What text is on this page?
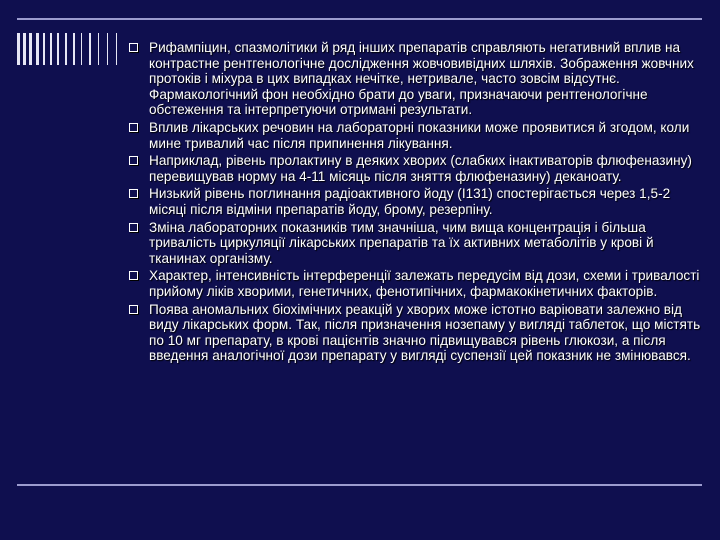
Рифампіцин, спазмолітики й ряд інших препаратів справляють негативний вплив на контрастне рентгенологічне дослідження жовчовивідних шляхів. Зображення жовчних протоків і міхура в цих випадках нечітке, нетривале, часто зовсім відсутнє. Фармакологічний фон необхідно брати до уваги, призначаючи рентгенологічне обстеження та інтерпретуючи отримані результати.
Вплив лікарських речовин на лабораторні показники може проявитися й згодом, коли мине тривалий час після припинення лікування.
Наприклад, рівень пролактину в деяких хворих (слабких інактиваторів флюфеназину) перевищував норму на 4-11 місяць після зняття флюфеназину) деканоату.
Низький рівень поглинання радіоактивного йоду (І131) спостерігається через 1,5-2 місяці після відміни препаратів йоду, брому, резерпіну.
Зміна лабораторних показників тим значніша, чим вища концентрація і більша тривалість циркуляції лікарських препаратів та їх активних метаболітів у крові й тканинах організму.
Характер, інтенсивність інтерференції залежать передусім від дози, схеми і тривалості прийому ліків хворими, генетичних, фенотипічних, фармакокінетичних факторів.
Поява аномальних біохімічних реакцій у хворих може істотно варіювати залежно від виду лікарських форм. Так, після призначення нозепаму у вигляді таблеток, що містять по 10 мг препарату, в крові пацієнтів значно підвищувався рівень глюкози, а після введення аналогічної дози препарату у вигляді суспензії цей показник не змінювався.
